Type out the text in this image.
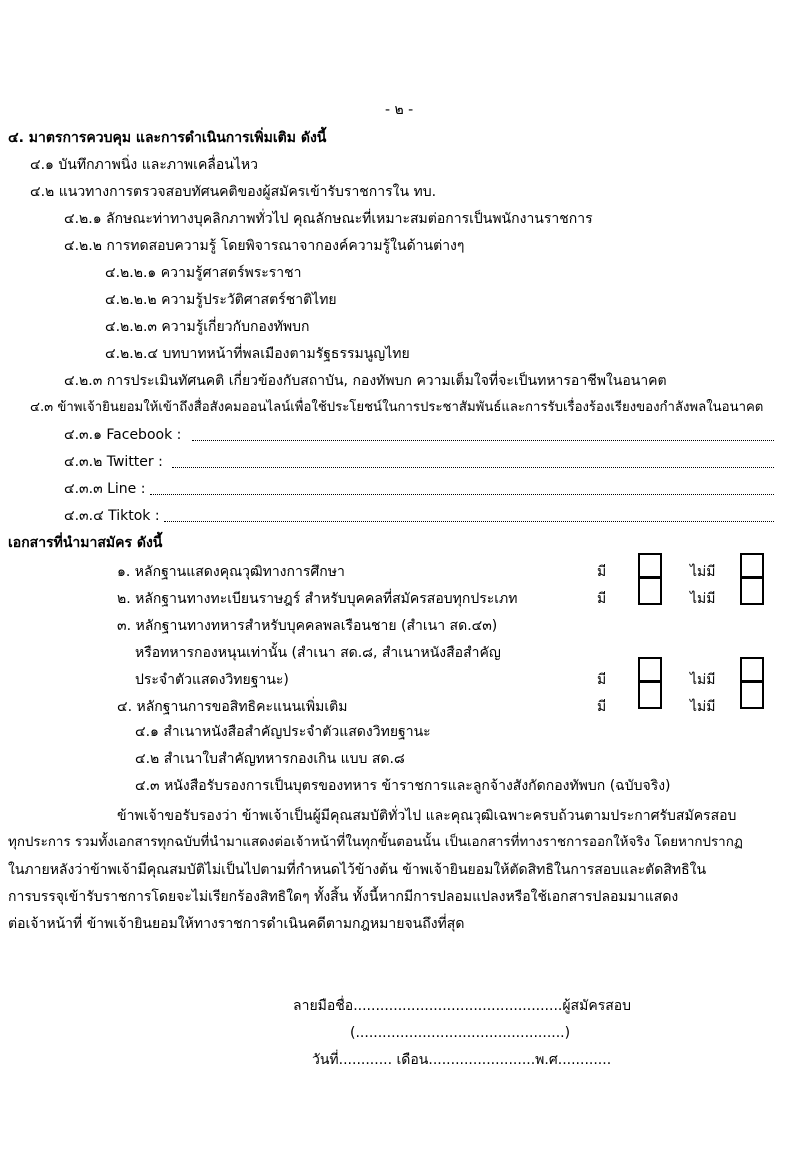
- ๒ -
๔. มาตรการควบคุม และการดำเนินการเพิ่มเติม ดังนี้
๔.๑ บันทึกภาพนิ่ง และภาพเคลื่อนไหว
๔.๒ แนวทางการตรวจสอบทัศนคติของผู้สมัครเข้ารับราชการใน ทบ.
๔.๒.๑ ลักษณะท่าทางบุคลิกภาพทั่วไป คุณลักษณะที่เหมาะสมต่อการเป็นพนักงานราชการ
๔.๒.๒ การทดสอบความรู้ โดยพิจารณาจากองค์ความรู้ในด้านต่างๆ
๔.๒.๒.๑ ความรู้ศาสตร์พระราชา
๔.๒.๒.๒ ความรู้ประวัติศาสตร์ชาติไทย
๔.๒.๒.๓ ความรู้เกี่ยวกับกองทัพบก
๔.๒.๒.๔ บทบาทหน้าที่พลเมืองตามรัฐธรรมนูญไทย
๔.๒.๓ การประเมินทัศนคติ เกี่ยวข้องกับสถาบัน, กองทัพบก ความเต็มใจที่จะเป็นทหารอาชีพในอนาคต
๔.๓ ข้าพเจ้ายินยอมให้เข้าถึงสื่อสังคมออนไลน์เพื่อใช้ประโยชน์ในการประชาสัมพันธ์และการรับเรื่องร้องเรียงของกำลังพลในอนาคต
๔.๓.๑ Facebook :
๔.๓.๒ Twitter :
๔.๓.๓ Line :
๔.๓.๔ Tiktok :
เอกสารที่นำมาสมัคร ดังนี้
๑. หลักฐานแสดงคุณวุฒิทางการศึกษา	มี	ไม่มี
๒. หลักฐานทางทะเบียนราษฎร์ สำหรับบุคคลที่สมัครสอบทุกประเภท	มี	ไม่มี
๓. หลักฐานทางทหารสำหรับบุคคลพลเรือนชาย (สำเนา สด.๔๓)
หรือทหารกองหนุนเท่านั้น (สำเนา สด.๘, สำเนาหนังสือสำคัญ
ประจำตัวแสดงวิทยฐานะ)	มี	ไม่มี
๔. หลักฐานการขอสิทธิคะแนนเพิ่มเติม	มี	ไม่มี
๔.๑ สำเนาหนังสือสำคัญประจำตัวแสดงวิทยฐานะ
๔.๒ สำเนาใบสำคัญทหารกองเกิน แบบ สด.๘
๔.๓ หนังสือรับรองการเป็นบุตรของทหาร ข้าราชการและลูกจ้างสังกัดกองทัพบก (ฉบับจริง)
ข้าพเจ้าขอรับรองว่า ข้าพเจ้าเป็นผู้มีคุณสมบัติทั่วไป และคุณวุฒิเฉพาะครบถ้วนตามประกาศรับสมัครสอบ
ทุกประการ รวมทั้งเอกสารทุกฉบับที่นำมาแสดงต่อเจ้าหน้าที่ในทุกขั้นตอนนั้น เป็นเอกสารที่ทางราชการออกให้จริง โดยหากปรากฏ
ในภายหลังว่าข้าพเจ้ามีคุณสมบัติไม่เป็นไปตามที่กำหนดไว้ข้างต้น ข้าพเจ้ายินยอมให้ตัดสิทธิในการสอบและตัดสิทธิใน
การบรรจุเข้ารับราชการโดยจะไม่เรียกร้องสิทธิใดๆ ทั้งสิ้น ทั้งนี้หากมีการปลอมแปลงหรือใช้เอกสารปลอมมาแสดง
ต่อเจ้าหน้าที่ ข้าพเจ้ายินยอมให้ทางราชการดำเนินคดีตามกฎหมายจนถึงที่สุด
ลายมือชื่อ...............................................ผู้สมัครสอบ
(...............................................)
วันที่............ เดือน........................พ.ศ............
